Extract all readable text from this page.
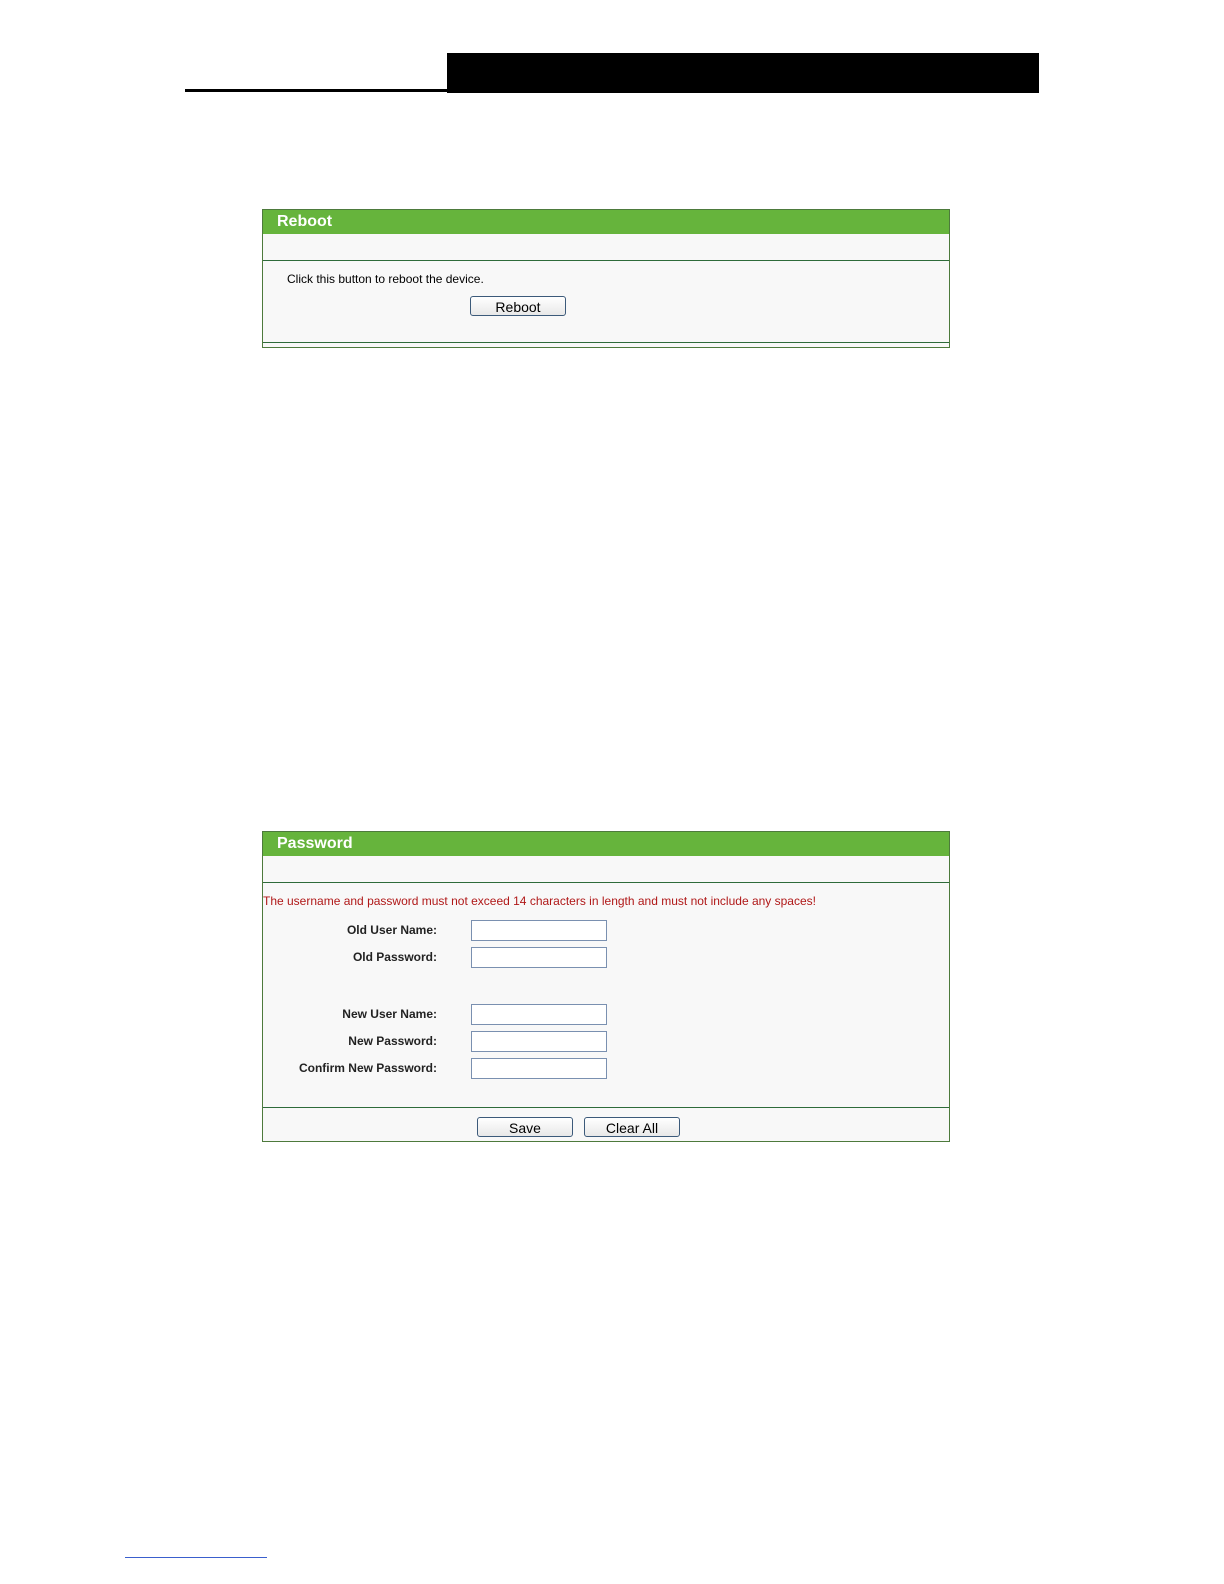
Reboot
Click this button to reboot the device.
Reboot
Password
The username and password must not exceed 14 characters in length and must not include any spaces!
Old User Name:
Old Password:
New User Name:
New Password:
Confirm New Password:
Save	Clear All
